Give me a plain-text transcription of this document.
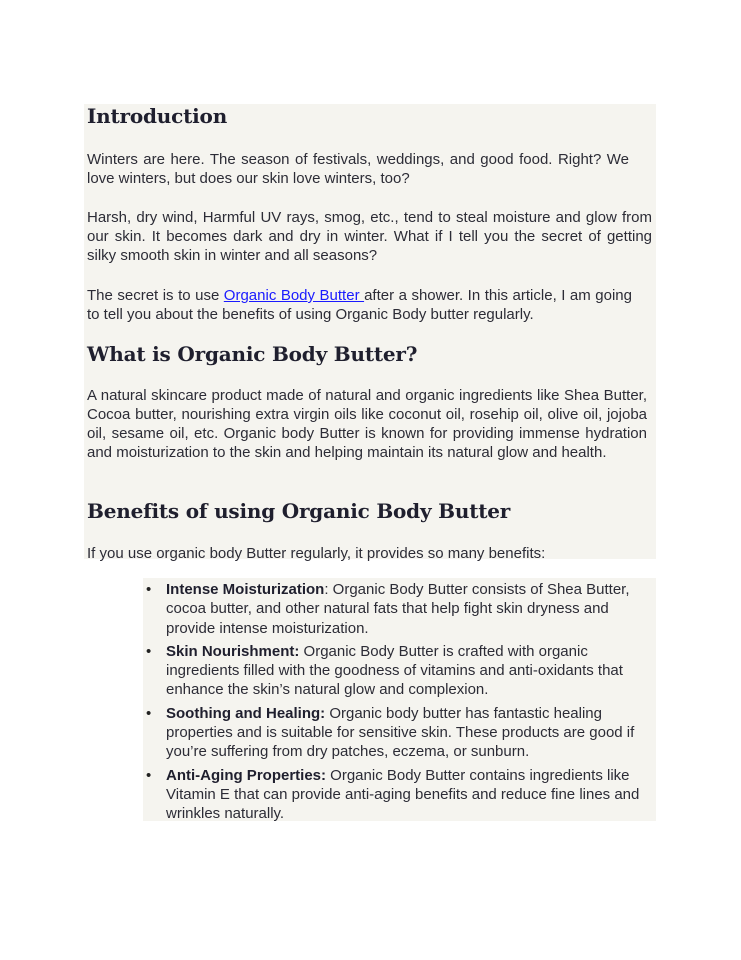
Introduction

Winters are here. The season of festivals, weddings, and good food. Right? We love winters, but does our skin love winters, too?

Harsh, dry wind, Harmful UV rays, smog, etc., tend to steal moisture and glow from our skin. It becomes dark and dry in winter. What if I tell you the secret of getting silky smooth skin in winter and all seasons?

The secret is to use Organic Body Butter after a shower. In this article, I am going to tell you about the benefits of using Organic Body butter regularly.

What is Organic Body Butter?

A natural skincare product made of natural and organic ingredients like Shea Butter, Cocoa butter, nourishing extra virgin oils like coconut oil, rosehip oil, olive oil, jojoba oil, sesame oil, etc. Organic body Butter is known for providing immense hydration and moisturization to the skin and helping maintain its natural glow and health.

Benefits of using Organic Body Butter

If you use organic body Butter regularly, it provides so many benefits:

• Intense Moisturization: Organic Body Butter consists of Shea Butter, cocoa butter, and other natural fats that help fight skin dryness and provide intense moisturization.
• Skin Nourishment: Organic Body Butter is crafted with organic ingredients filled with the goodness of vitamins and anti-oxidants that enhance the skin’s natural glow and complexion.
• Soothing and Healing: Organic body butter has fantastic healing properties and is suitable for sensitive skin. These products are good if you’re suffering from dry patches, eczema, or sunburn.
• Anti-Aging Properties: Organic Body Butter contains ingredients like Vitamin E that can provide anti-aging benefits and reduce fine lines and wrinkles naturally.
